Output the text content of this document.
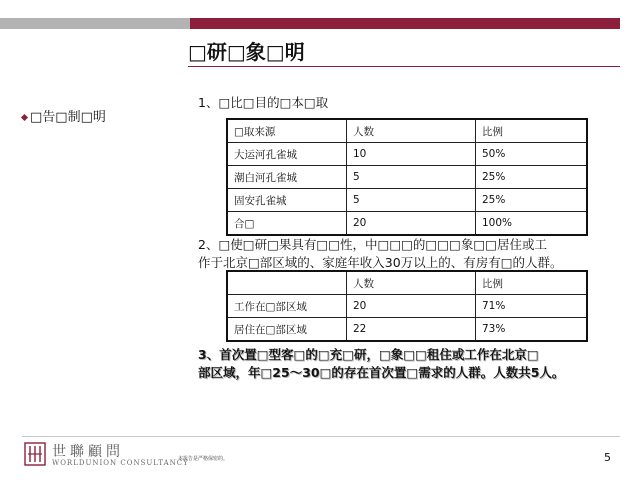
□研□象□明
□告□制□明
1、□比□目的□本□取
□取来源	人数	比例
大运河孔雀城	10	50%
潮白河孔雀城	5	25%
固安孔雀城	5	25%
合□	20	100%
2、□使□研□果具有□□性，中□□□的□□□象□□居住或工
作于北京□部区域的、家庭年收入30万以上的、有房有□的人群。
	人数	比例
工作在□部区域	20	71%
居住在□部区域	22	73%
3、首次置□型客□的□充□研，□象□□租住或工作在北京□
部区域，年□25～30□的存在首次置□需求的人群。人数共5人。
世聯顧問
WORLDUNION CONSULTANCY
本报告是严格保密的。	5
